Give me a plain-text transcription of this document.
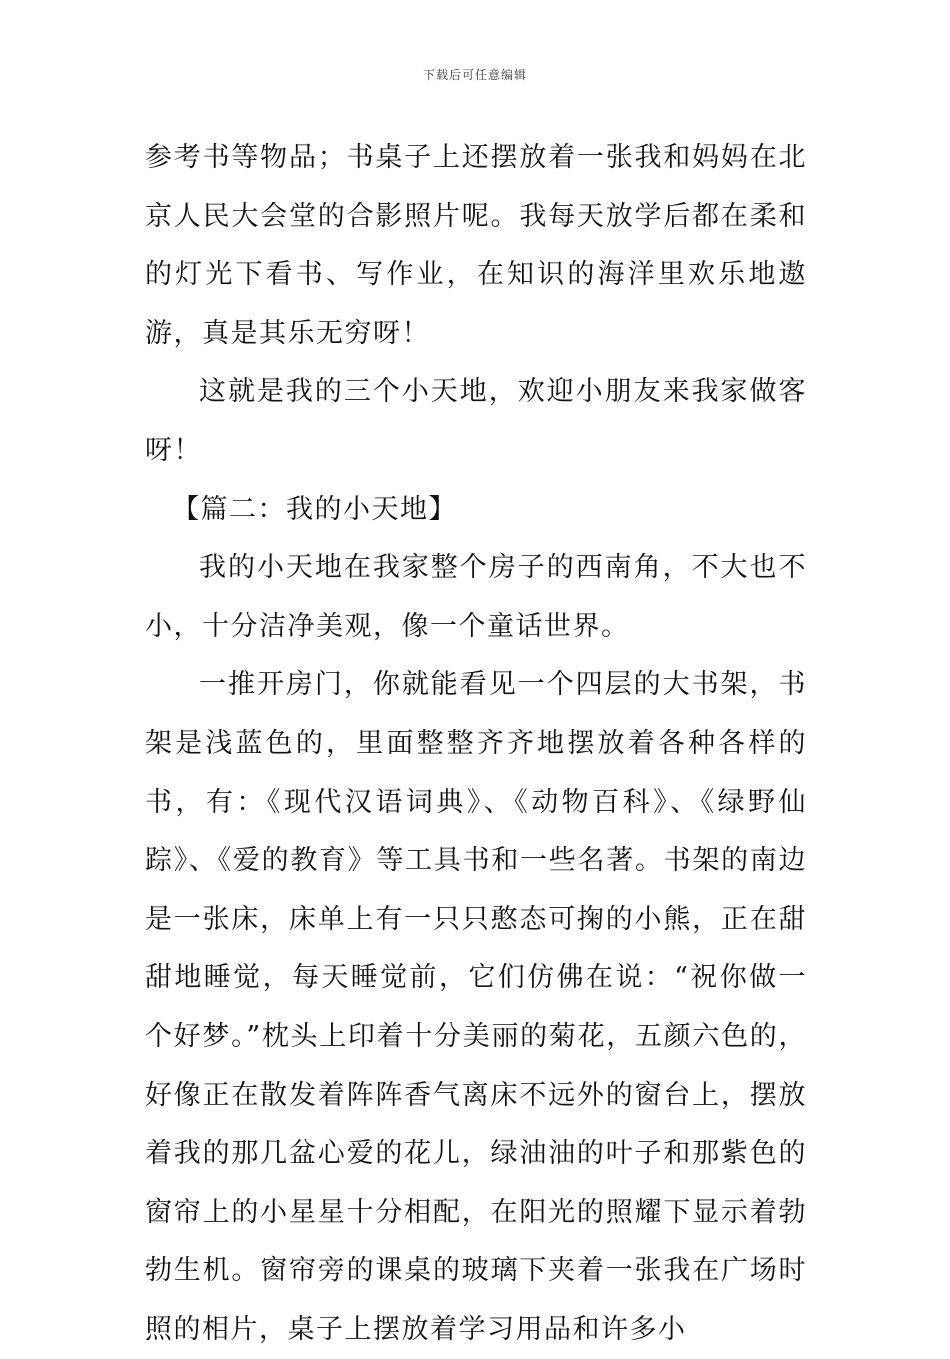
下载后可任意编辑

参考书等物品；书桌子上还摆放着一张我和妈妈在北京人民大会堂的合影照片呢。我每天放学后都在柔和的灯光下看书、写作业，在知识的海洋里欢乐地遨游，真是其乐无穷呀！

这就是我的三个小天地，欢迎小朋友来我家做客呀！

【篇二：我的小天地】

我的小天地在我家整个房子的西南角，不大也不小，十分洁净美观，像一个童话世界。

一推开房门，你就能看见一个四层的大书架，书架是浅蓝色的，里面整整齐齐地摆放着各种各样的书，有：《现代汉语词典》、《动物百科》、《绿野仙踪》、《爱的教育》等工具书和一些名著。书架的南边是一张床，床单上有一只只憨态可掬的小熊，正在甜甜地睡觉，每天睡觉前，它们仿佛在说：“祝你做一个好梦。”枕头上印着十分美丽的菊花，五颜六色的，好像正在散发着阵阵香气离床不远外的窗台上，摆放着我的那几盆心爱的花儿，绿油油的叶子和那紫色的窗帘上的小星星十分相配，在阳光的照耀下显示着勃勃生机。窗帘旁的课桌的玻璃下夹着一张我在广场时照的相片，桌子上摆放着学习用品和许多小
